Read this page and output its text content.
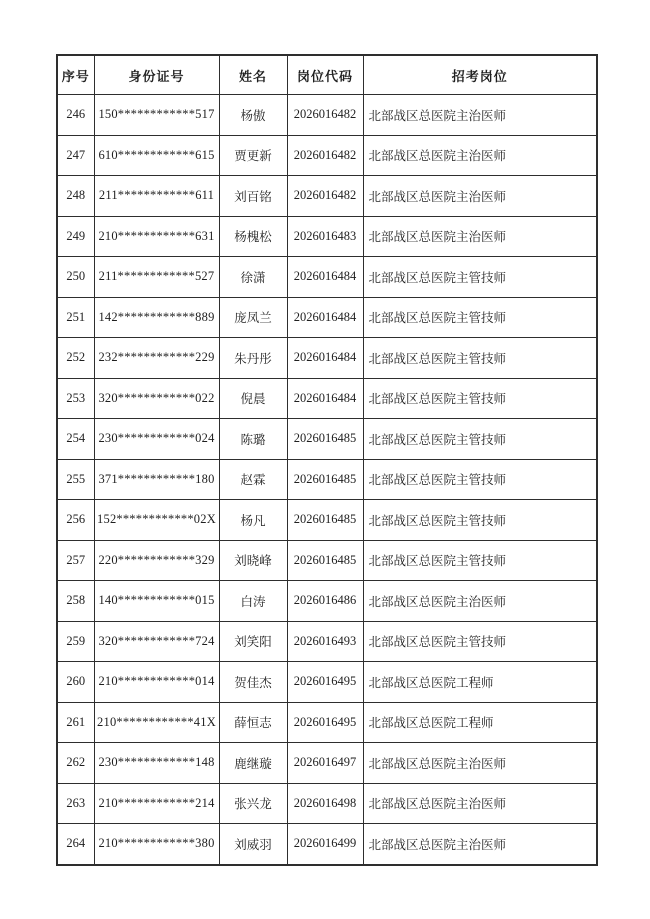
序号	身份证号	姓名	岗位代码	招考岗位
246	150************517	杨傲	2026016482	北部战区总医院主治医师
247	610************615	贾更新	2026016482	北部战区总医院主治医师
248	211************611	刘百铭	2026016482	北部战区总医院主治医师
249	210************631	杨槐松	2026016483	北部战区总医院主治医师
250	211************527	徐潇	2026016484	北部战区总医院主管技师
251	142************889	庞凤兰	2026016484	北部战区总医院主管技师
252	232************229	朱丹彤	2026016484	北部战区总医院主管技师
253	320************022	倪晨	2026016484	北部战区总医院主管技师
254	230************024	陈璐	2026016485	北部战区总医院主管技师
255	371************180	赵霖	2026016485	北部战区总医院主管技师
256	152************02X	杨凡	2026016485	北部战区总医院主管技师
257	220************329	刘晓峰	2026016485	北部战区总医院主管技师
258	140************015	白涛	2026016486	北部战区总医院主治医师
259	320************724	刘笑阳	2026016493	北部战区总医院主管技师
260	210************014	贺佳杰	2026016495	北部战区总医院工程师
261	210************41X	薛恒志	2026016495	北部战区总医院工程师
262	230************148	鹿继璇	2026016497	北部战区总医院主治医师
263	210************214	张兴龙	2026016498	北部战区总医院主治医师
264	210************380	刘威羽	2026016499	北部战区总医院主治医师
